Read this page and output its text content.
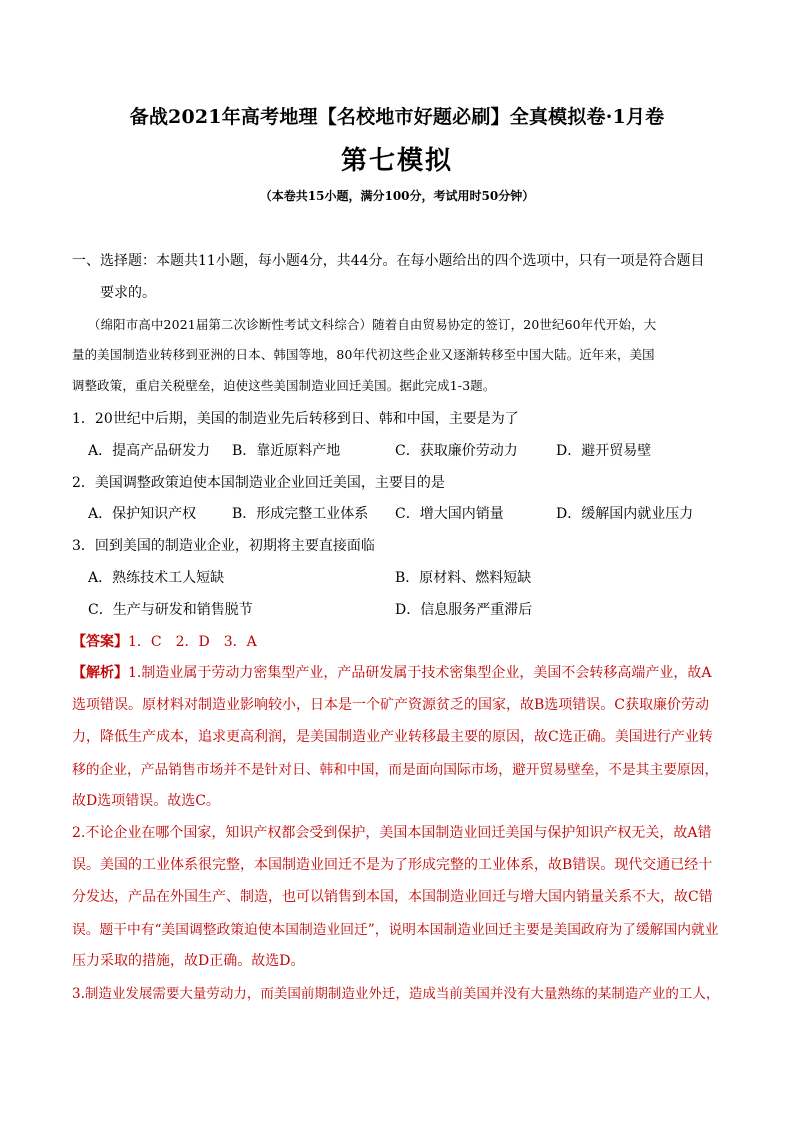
备战2021年高考地理【名校地市好题必刷】全真模拟卷·1月卷
第七模拟
（本卷共15小题，满分100分，考试用时50分钟）
一、选择题：本题共11小题，每小题4分，共44分。在每小题给出的四个选项中，只有一项是符合题目
要求的。
（绵阳市高中2021届第二次诊断性考试文科综合）随着自由贸易协定的签订，20世纪60年代开始，大
量的美国制造业转移到亚洲的日本、韩国等地，80年代初这些企业又逐渐转移至中国大陆。近年来，美国
调整政策，重启关税壁垒，迫使这些美国制造业回迁美国。据此完成1-3题。
1．20世纪中后期，美国的制造业先后转移到日、韩和中国，主要是为了
A．提高产品研发力 B．靠近原料产地	C．获取廉价劳动力	D．避开贸易壁
2．美国调整政策迫使本国制造业企业回迁美国，主要目的是
A．保护知识产权	B．形成完整工业体系 C．增大国内销量	D．缓解国内就业压力
3．回到美国的制造业企业，初期将主要直接面临
A．熟练技术工人短缺	B．原材料、燃料短缺
C．生产与研发和销售脱节	D．信息服务严重滞后
【答案】1．C　2．D　3．A
【解析】1.制造业属于劳动力密集型产业，产品研发属于技术密集型企业，美国不会转移高端产业，故A
选项错误。原材料对制造业影响较小，日本是一个矿产资源贫乏的国家，故B选项错误。C获取廉价劳动
力，降低生产成本，追求更高利润，是美国制造业产业转移最主要的原因，故C选正确。美国进行产业转
移的企业，产品销售市场并不是针对日、韩和中国，而是面向国际市场，避开贸易壁垒，不是其主要原因，
故D选项错误。故选C。
2.不论企业在哪个国家，知识产权都会受到保护，美国本国制造业回迁美国与保护知识产权无关，故A错
误。美国的工业体系很完整，本国制造业回迁不是为了形成完整的工业体系，故B错误。现代交通已经十
分发达，产品在外国生产、制造，也可以销售到本国，本国制造业回迁与增大国内销量关系不大，故C错
误。题干中有“美国调整政策迫使本国制造业回迁”，说明本国制造业回迁主要是美国政府为了缓解国内就业
压力采取的措施，故D正确。故选D。
3.制造业发展需要大量劳动力，而美国前期制造业外迁，造成当前美国并没有大量熟练的某制造产业的工人，
